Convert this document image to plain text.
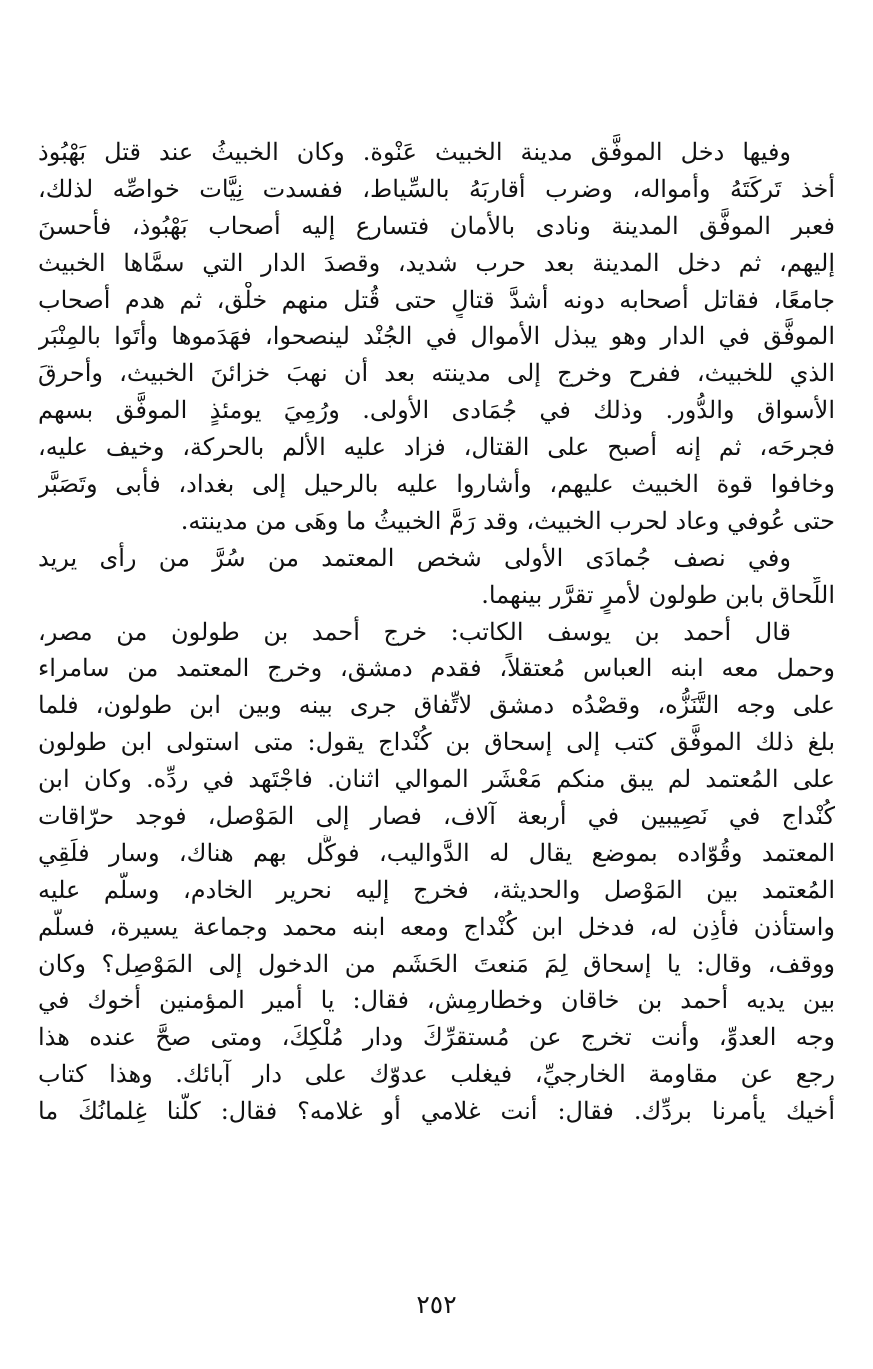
وفيها دخل الموفَّق مدينة الخبيث عَنْوة. وكان الخبيثُ عند قتل بَهْبُوذ
أخذ تَركَتَهُ وأمواله، وضرب أقاربَهُ بالسِّياط، ففسدت نِيَّات خواصِّه لذلك،
فعبر الموفَّق المدينة ونادى بالأمان فتسارع إليه أصحاب بَهْبُوذ، فأحسنَ
إليهم، ثم دخل المدينة بعد حرب شديد، وقصدَ الدار التي سمَّاها الخبيث
جامعًا، فقاتل أصحابه دونه أشدَّ قتالٍ حتى قُتل منهم خلْق، ثم هدم أصحاب
الموفَّق في الدار وهو يبذل الأموال في الجُنْد لينصحوا، فهَدَموها وأتَوا بالمِنْبَر
الذي للخبيث، ففرح وخرج إلى مدينته بعد أن نهبَ خزائنَ الخبيث، وأحرقَ
الأسواق والدُّور. وذلك في جُمَادى الأولى. ورُمِيَ يومئذٍ الموفَّق بسهم
فجرحَه، ثم إنه أصبح على القتال، فزاد عليه الألم بالحركة، وخيف عليه،
وخافوا قوة الخبيث عليهم، وأشاروا عليه بالرحيل إلى بغداد، فأبى وتَصَبَّر
حتى عُوفي وعاد لحرب الخبيث، وقد رَمَّ الخبيثُ ما وهَى من مدينته.
وفي نصف جُمادَى الأولى شخص المعتمد من سُرَّ من رأى يريد
اللِّحاق بابن طولون لأمرٍ تقرَّر بينهما.
قال أحمد بن يوسف الكاتب: خرج أحمد بن طولون من مصر،
وحمل معه ابنه العباس مُعتقلاً، فقدم دمشق، وخرج المعتمد من سامراء
على وجه التَّنَزُّه، وقصْدُه دمشق لاتِّفاق جرى بينه وبين ابن طولون، فلما
بلغ ذلك الموفَّق كتب إلى إسحاق بن كُنْداج يقول: متى استولى ابن طولون
على المُعتمد لم يبق منكم مَعْشَر الموالي اثنان. فاجْتَهد في ردِّه. وكان ابن
كُنْداج في نَصِيبين في أربعة آلاف، فصار إلى المَوْصل، فوجد حرّاقات
المعتمد وقُوّاده بموضع يقال له الدَّواليب، فوكَّل بهم هناك، وسار فلَقِي
المُعتمد بين المَوْصل والحديثة، فخرج إليه نحرير الخادم، وسلَّم عليه
واستأذن فأُذِن له، فدخل ابن كُنْداج ومعه ابنه محمد وجماعة يسيرة، فسلَّم
ووقف، وقال: يا إسحاق لِمَ مَنعتَ الحَشَم من الدخول إلى المَوْصِل؟ وكان
بين يديه أحمد بن خاقان وخطارمِش، فقال: يا أمير المؤمنين أخوك في
وجه العدوِّ، وأنت تخرج عن مُستقرِّكَ ودار مُلْكِكَ، ومتى صحَّ عنده هذا
رجع عن مقاومة الخارجيِّ، فيغلب عدوّك على دار آبائك. وهذا كتاب
أخيك يأمرنا بردِّك. فقال: أنت غلامي أو غلامه؟ فقال: كلُّنا غِلمانُكَ ما
٢٥٢
